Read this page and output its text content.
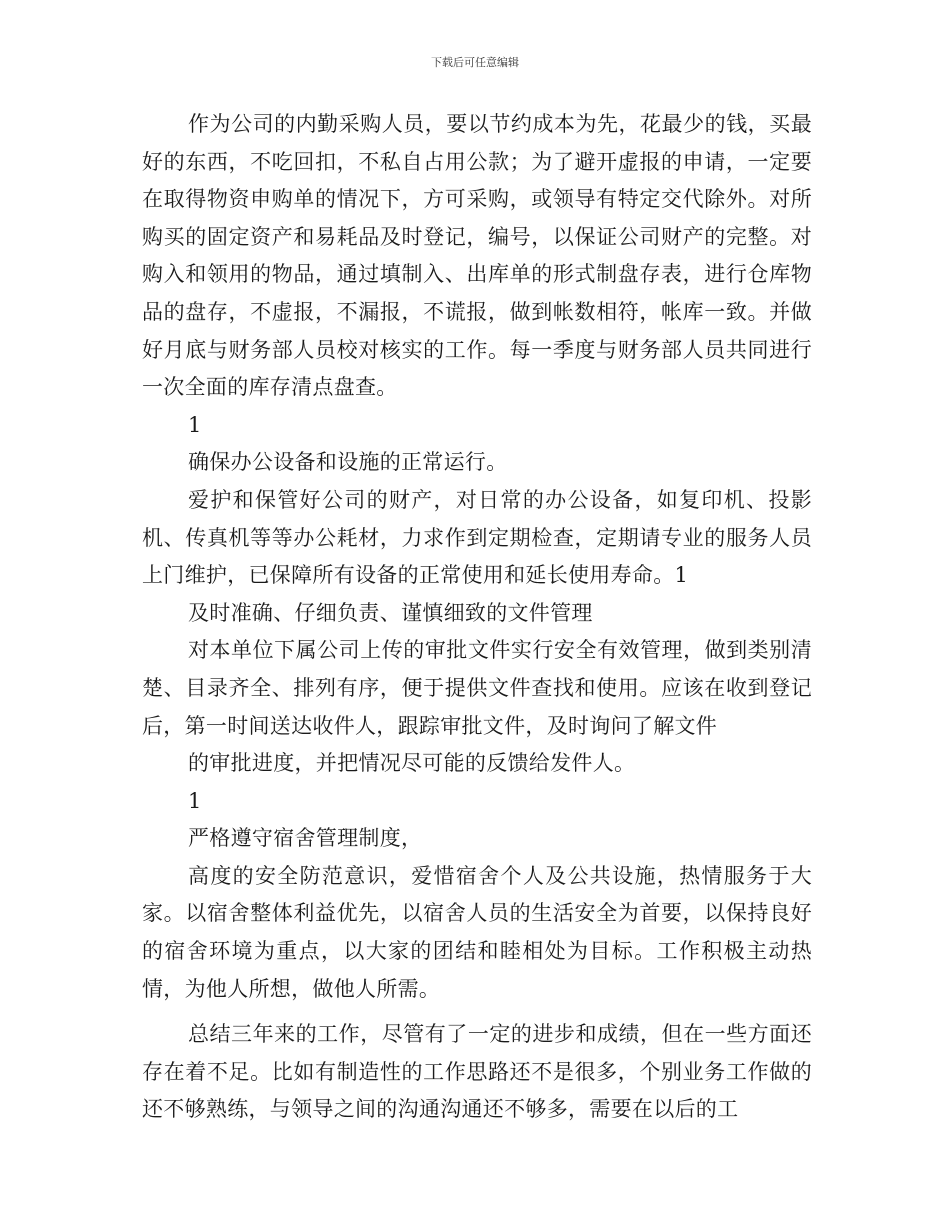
下载后可任意编辑

作为公司的内勤采购人员，要以节约成本为先，花最少的钱，买最好的东西，不吃回扣，不私自占用公款；为了避开虚报的申请，一定要在取得物资申购单的情况下，方可采购，或领导有特定交代除外。对所购买的固定资产和易耗品及时登记，编号，以保证公司财产的完整。对购入和领用的物品，通过填制入、出库单的形式制盘存表，进行仓库物品的盘存，不虚报，不漏报，不谎报，做到帐数相符，帐库一致。并做好月底与财务部人员校对核实的工作。每一季度与财务部人员共同进行一次全面的库存清点盘查。

1

确保办公设备和设施的正常运行。

爱护和保管好公司的财产，对日常的办公设备，如复印机、投影机、传真机等等办公耗材，力求作到定期检查，定期请专业的服务人员上门维护，已保障所有设备的正常使用和延长使用寿命。1

及时准确、仔细负责、谨慎细致的文件管理

对本单位下属公司上传的审批文件实行安全有效管理，做到类别清楚、目录齐全、排列有序，便于提供文件查找和使用。应该在收到登记后，第一时间送达收件人，跟踪审批文件，及时询问了解文件

的审批进度，并把情况尽可能的反馈给发件人。

1

严格遵守宿舍管理制度，

高度的安全防范意识，爱惜宿舍个人及公共设施，热情服务于大家。以宿舍整体利益优先，以宿舍人员的生活安全为首要，以保持良好的宿舍环境为重点，以大家的团结和睦相处为目标。工作积极主动热情，为他人所想，做他人所需。

总结三年来的工作，尽管有了一定的进步和成绩，但在一些方面还存在着不足。比如有制造性的工作思路还不是很多，个别业务工作做的还不够熟练，与领导之间的沟通沟通还不够多，需要在以后的工
